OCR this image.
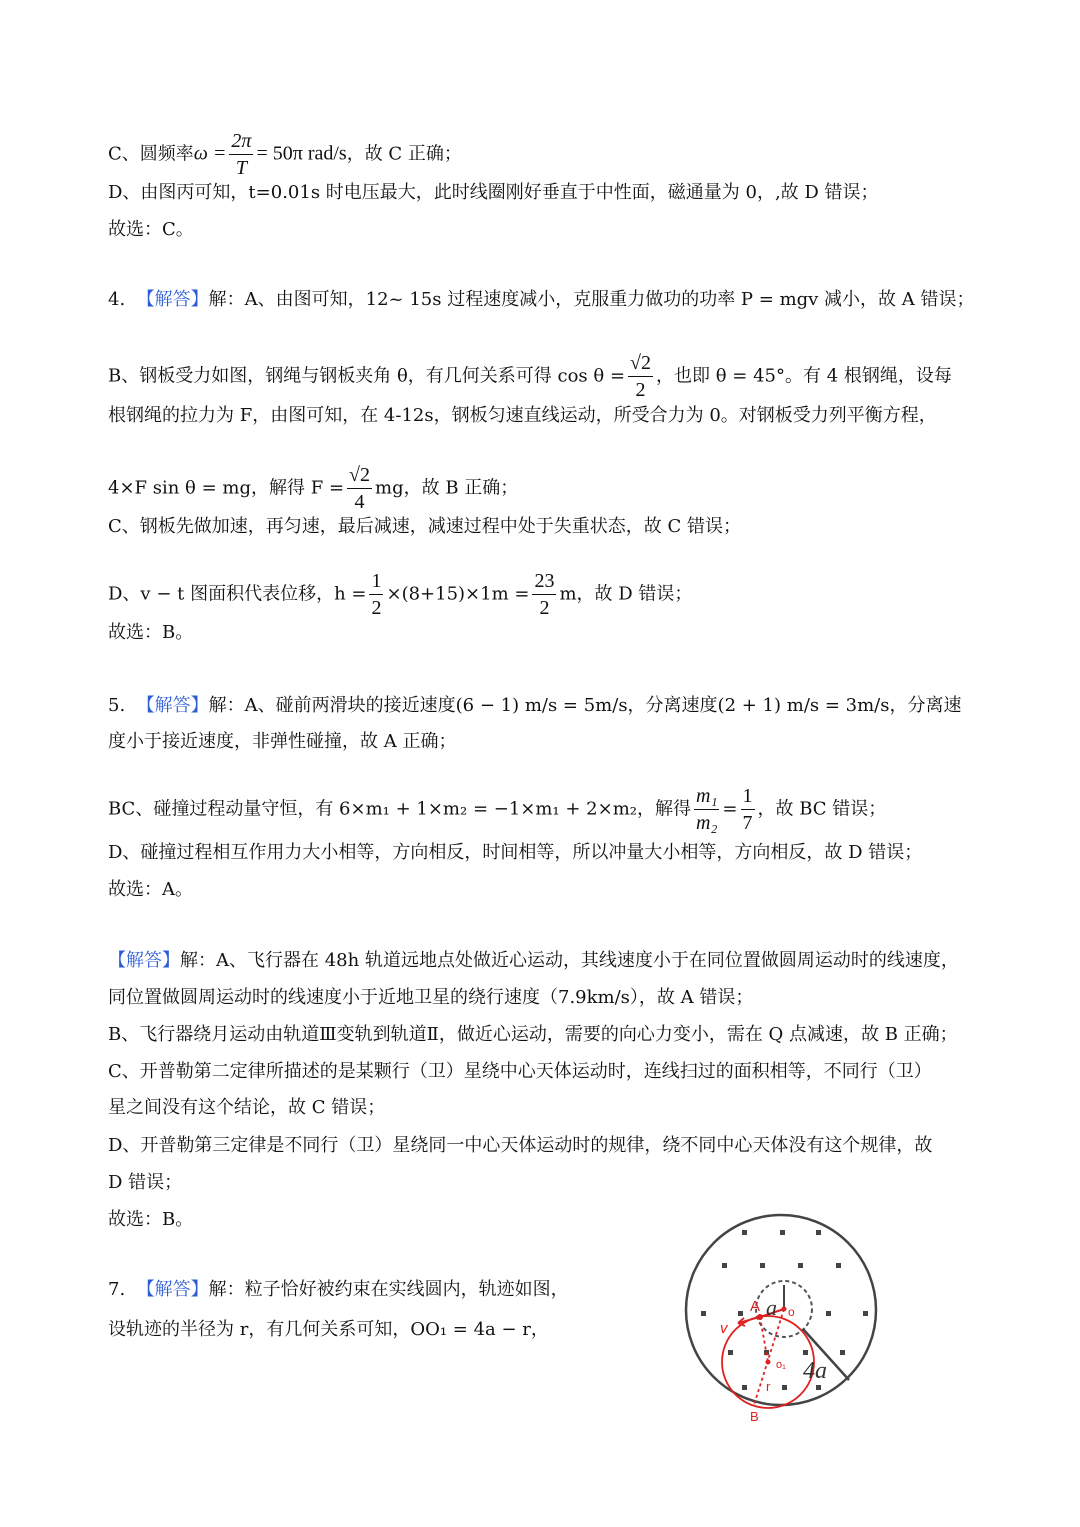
C、圆频率$\omega = \frac{2\pi}{T} = 50\pi$ rad/s，故 C 正确；
D、由图丙可知，t=0.01s 时电压最大，此时线圈刚好垂直于中性面，磁通量为 0，,故 D 错误；
故选：C。
4. 【解答】解：A、由图可知，12~ 15s 过程速度减小，克服重力做功的功率 P = mgv 减小，故 A 错误；
B、钢板受力如图，钢绳与钢板夹角 θ，有几何关系可得 $\cos \theta = \frac{√2}{2}$ ，也即 θ = 45°。有 4 根钢绳，设每
根钢绳的拉力为 F，由图可知，在 4-12s，钢板匀速直线运动，所受合力为 0。对钢板受力列平衡方程，
4×F sin θ = mg，解得 $F = \frac{√2}{4}$ mg，故 B 正确；
C、钢板先做加速，再匀速，最后减速，减速过程中处于失重状态，故 C 错误；
D、v − t 图面积代表位移，$h = \frac{1}{2} \times(8+15)\times 1m = \frac{23}{2}$ m，故 D 错误；
故选：B。
5. 【解答】解：A、碰前两滑块的接近速度(6 − 1) m/s = 5m/s，分离速度(2 + 1) m/s = 3m/s，分离速
度小于接近速度，非弹性碰撞，故 A 正确；
BC、碰撞过程动量守恒，有 6×m₁ + 1×m₂ = −1×m₁ + 2×m₂，解得 $\frac{\text{m₁}}{\text{m₂}} = \frac{1}{7}$ ，故 BC 错误；
D、碰撞过程相互作用力大小相等，方向相反，时间相等，所以冲量大小相等，方向相反，故 D 错误；
故选：A。
【解答】解：A、飞行器在 48h 轨道远地点处做近心运动，其线速度小于在同位置做圆周运动时的线速度，
同位置做圆周运动时的线速度小于近地卫星的绕行速度（7.9km/s），故 A 错误；
B、飞行器绕月运动由轨道Ⅲ变轨到轨道Ⅱ，做近心运动，需要的向心力变小，需在 Q 点减速，故 B 正确；
C、开普勒第二定律所描述的是某颗行（卫）星绕中心天体运动时，连线扫过的面积相等，不同行（卫）
星之间没有这个结论，故 C 错误；
D、开普勒第三定律是不同行（卫）星绕同一中心天体运动时的规律，绕不同中心天体没有这个规律，故
D 错误；
故选：B。
7. 【解答】解：粒子恰好被约束在实线圆内，轨迹如图，
设轨迹的半径为 r，有几何关系可知，OO₁ = 4a − r，
A o
v
o₁
r
B
a
4a
